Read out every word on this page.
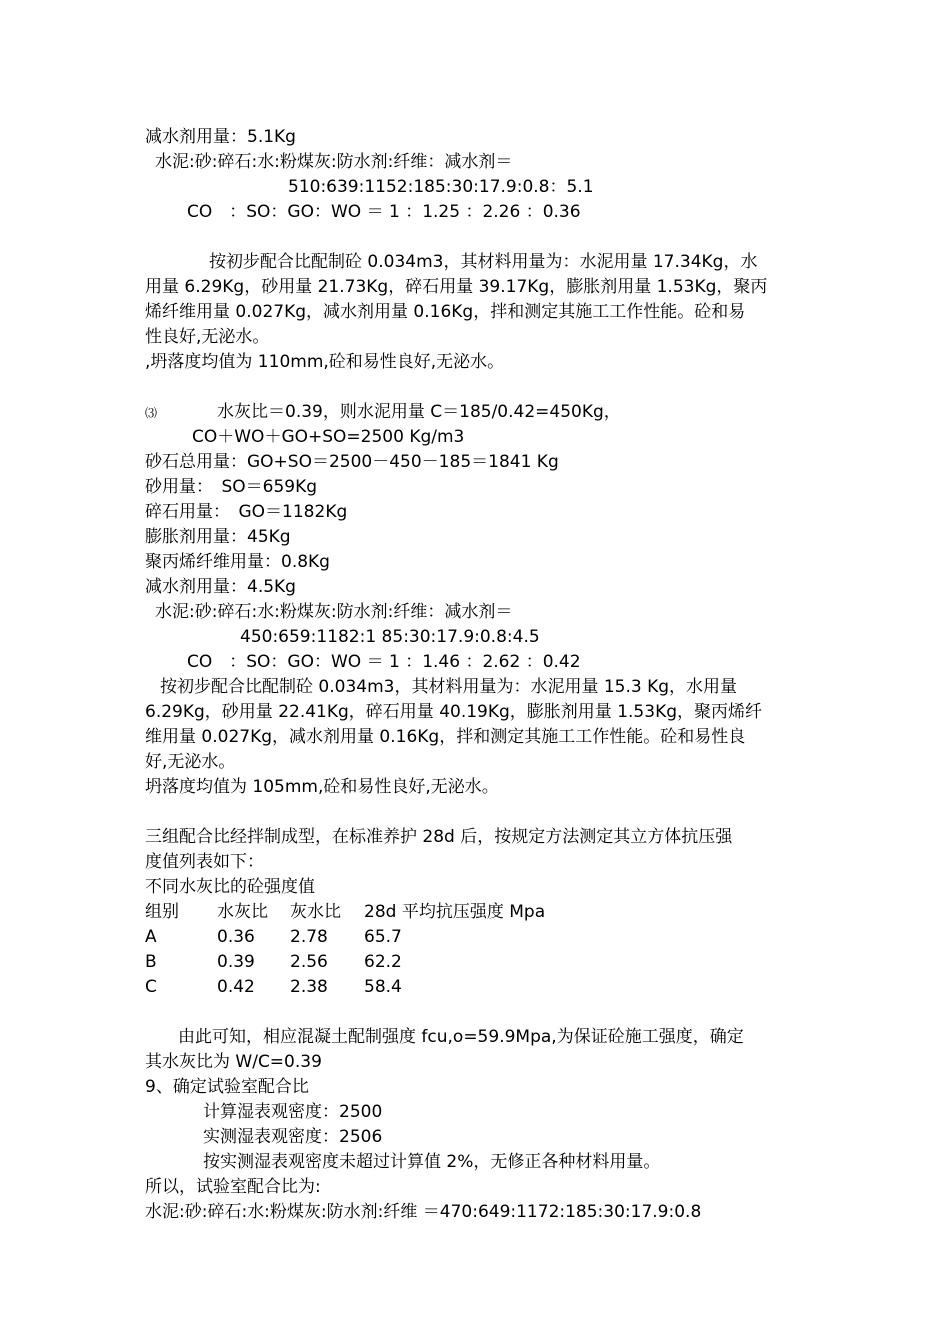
减水剂用量：5.1Kg
水泥:砂:碎石:水:粉煤灰:防水剂:纤维：减水剂＝
510:639:1152:185:30:17.9:0.8：5.1
CO　：SO：GO：WO ＝ 1 ：1.25 ：2.26 ：0.36
按初步配合比配制砼 0.034m3，其材料用量为：水泥用量 17.34Kg，水
用量 6.29Kg，砂用量 21.73Kg，碎石用量 39.17Kg，膨胀剂用量 1.53Kg，聚丙
烯纤维用量 0.027Kg，减水剂用量 0.16Kg，拌和测定其施工工作性能。砼和易
性良好,无泌水。
,坍落度均值为 110mm,砼和易性良好,无泌水。
⑶	水灰比＝0.39，则水泥用量 C＝185/0.42=450Kg，
CO＋WO＋GO+SO=2500 Kg/m3
砂石总用量：GO+SO＝2500－450－185＝1841 Kg
砂用量：　SO＝659Kg
碎石用量：　GO＝1182Kg
膨胀剂用量：45Kg
聚丙烯纤维用量：0.8Kg
减水剂用量：4.5Kg
水泥:砂:碎石:水:粉煤灰:防水剂:纤维：减水剂＝
450:659:1182:1 85:30:17.9:0.8:4.5
CO　：SO：GO：WO ＝ 1 ：1.46 ：2.62 ：0.42
按初步配合比配制砼 0.034m3，其材料用量为：水泥用量 15.3 Kg，水用量
6.29Kg，砂用量 22.41Kg，碎石用量 40.19Kg，膨胀剂用量 1.53Kg，聚丙烯纤
维用量 0.027Kg，减水剂用量 0.16Kg，拌和测定其施工工作性能。砼和易性良
好,无泌水。
坍落度均值为 105mm,砼和易性良好,无泌水。
三组配合比经拌制成型，在标准养护 28d 后，按规定方法测定其立方体抗压强
度值列表如下：
不同水灰比的砼强度值
组别 水灰比 灰水比 28d 平均抗压强度 Mpa
A	0.36 2.78 65.7
B	0.39 2.56 62.2
C	0.42 2.38 58.4
由此可知，相应混凝土配制强度 fcu,o=59.9Mpa,为保证砼施工强度，确定
其水灰比为 W/C=0.39
9、确定试验室配合比
计算湿表观密度：2500
实测湿表观密度：2506
按实测湿表观密度未超过计算值 2%，无修正各种材料用量。
所以，试验室配合比为:
水泥:砂:碎石:水:粉煤灰:防水剂:纤维 ＝470:649:1172:185:30:17.9:0.8
